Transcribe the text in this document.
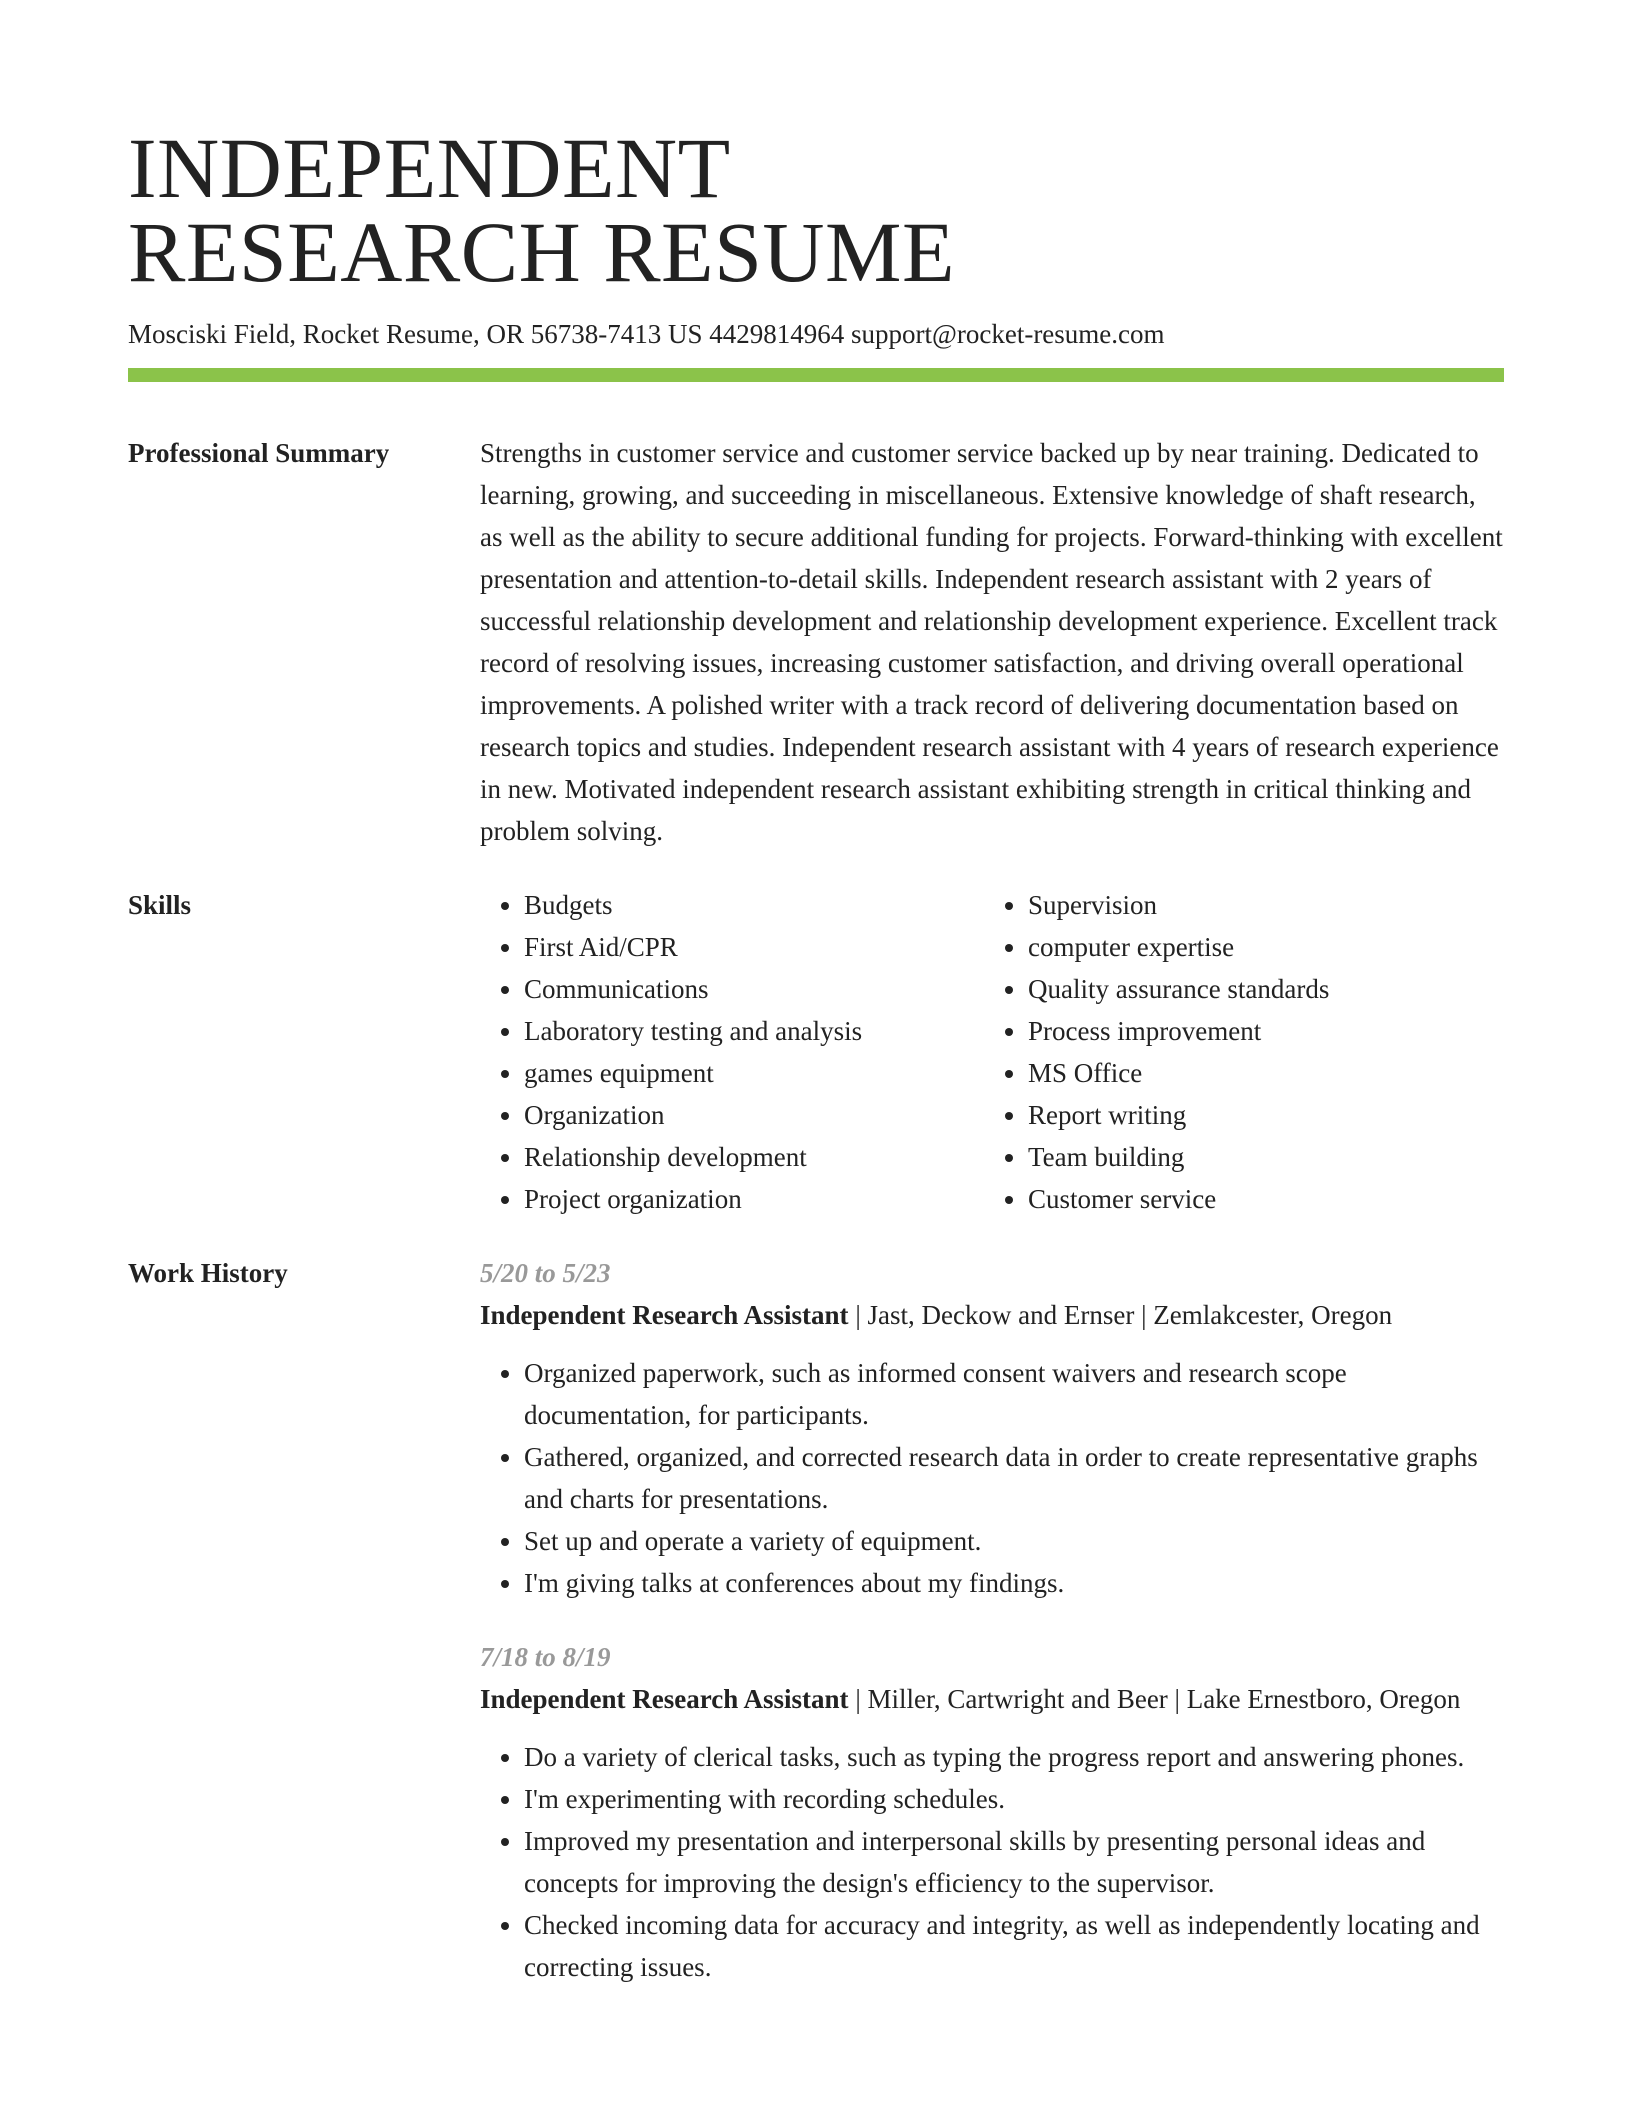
INDEPENDENT
RESEARCH RESUME
Mosciski Field, Rocket Resume, OR 56738-7413 US 4429814964 support@rocket-resume.com
Professional Summary	Strengths in customer service and customer service backed up by near training. Dedicated to learning, growing, and succeeding in miscellaneous. Extensive knowledge of shaft research, as well as the ability to secure additional funding for projects. Forward-thinking with excellent presentation and attention-to-detail skills. Independent research assistant with 2 years of successful relationship development and relationship development experience. Excellent track record of resolving issues, increasing customer satisfaction, and driving overall operational improvements. A polished writer with a track record of delivering documentation based on research topics and studies. Independent research assistant with 4 years of research experience in new. Motivated independent research assistant exhibiting strength in critical thinking and problem solving.
Skills
•	Budgets
• First Aid/CPR
• Communications
• Laboratory testing and analysis
• games equipment
• Organization
• Relationship development
• Project organization
• Supervision
• computer expertise
• Quality assurance standards
• Process improvement
• MS Office
• Report writing
• Team building
• Customer service
Work History	5/20 to 5/23
Independent Research Assistant | Jast, Deckow and Ernser | Zemlakcester, Oregon
• Organized paperwork, such as informed consent waivers and research scope documentation, for participants.
• Gathered, organized, and corrected research data in order to create representative graphs and charts for presentations.
• Set up and operate a variety of equipment.
• I'm giving talks at conferences about my findings.
7/18 to 8/19
Independent Research Assistant | Miller, Cartwright and Beer | Lake Ernestboro, Oregon
• Do a variety of clerical tasks, such as typing the progress report and answering phones.
• I'm experimenting with recording schedules.
• Improved my presentation and interpersonal skills by presenting personal ideas and concepts for improving the design's efficiency to the supervisor.
• Checked incoming data for accuracy and integrity, as well as independently locating and correcting issues.
